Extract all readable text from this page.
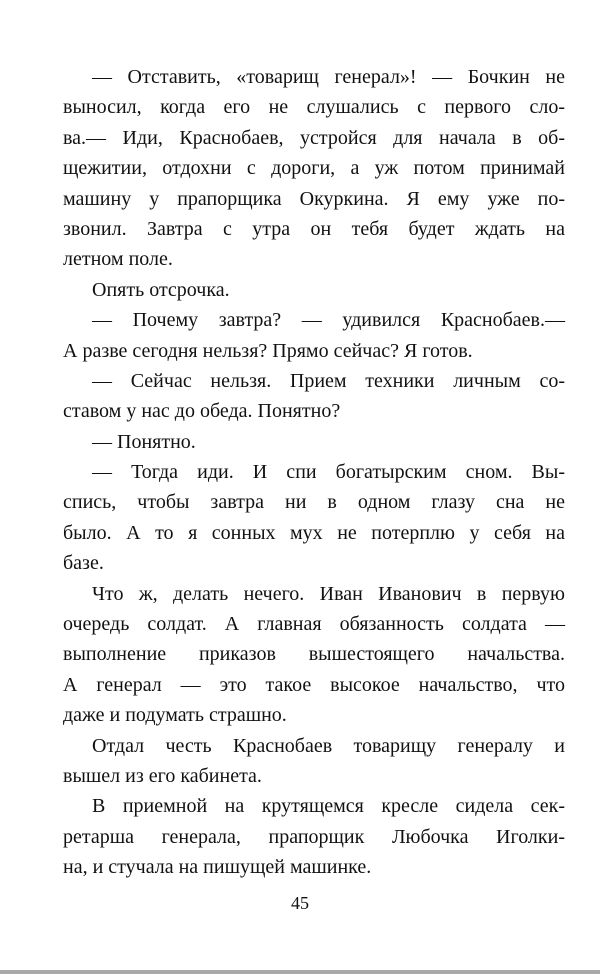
— Отставить, «товарищ генерал»! — Бочкин не
выносил, когда его не слушались с первого сло-
ва.— Иди, Краснобаев, устройся для начала в об-
щежитии, отдохни с дороги, а уж потом принимай
машину у прапорщика Окуркина. Я ему уже по-
звонил. Завтра с утра он тебя будет ждать на
летном поле.
Опять отсрочка.
— Почему завтра? — удивился Краснобаев.—
А разве сегодня нельзя? Прямо сейчас? Я готов.
— Сейчас нельзя. Прием техники личным со-
ставом у нас до обеда. Понятно?
— Понятно.
— Тогда иди. И спи богатырским сном. Вы-
спись, чтобы завтра ни в одном глазу сна не
было. А то я сонных мух не потерплю у себя на
базе.
Что ж, делать нечего. Иван Иванович в первую
очередь солдат. А главная обязанность солдата —
выполнение приказов вышестоящего начальства.
А генерал — это такое высокое начальство, что
даже и подумать страшно.
Отдал честь Краснобаев товарищу генералу и
вышел из его кабинета.
В приемной на крутящемся кресле сидела сек-
ретарша генерала, прапорщик Любочка Иголки-
на, и стучала на пишущей машинке.
45
